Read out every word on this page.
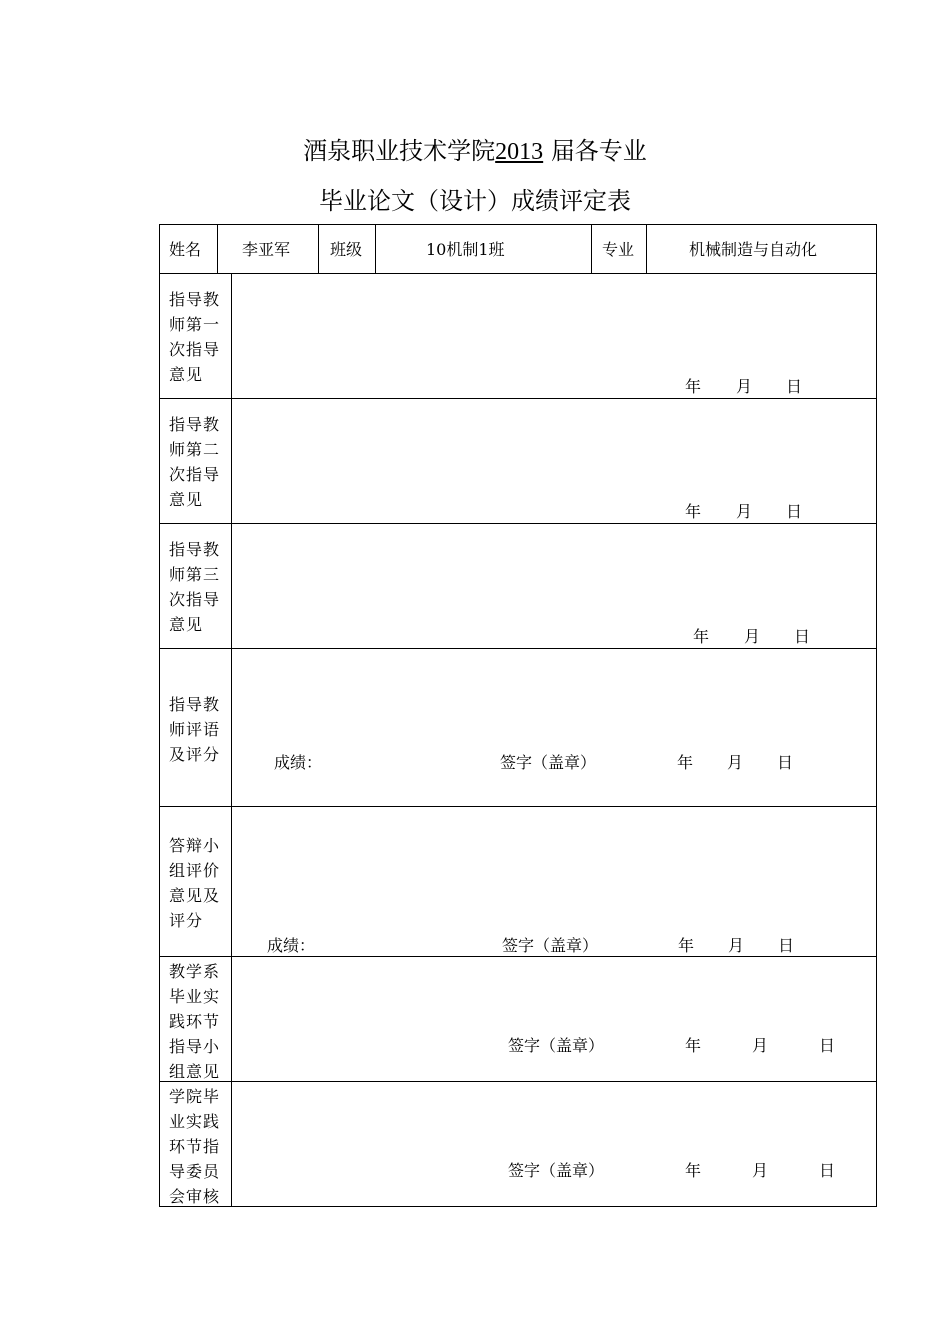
酒泉职业技术学院2013 届各专业
毕业论文（设计）成绩评定表
姓名	李亚军 班级	10机制1班	专业	机械制造与自动化
指导教
师第一
次指导
意见
年 月 日
指导教
师第二
次指导
意见
年 月 日
指导教
师第三
次指导
意见
年 月 日
指导教
师评语
及评分	成绩：	签字（盖章）	年 月 日
答辩小
组评价
意见及
评分
成绩：	签字（盖章）	年 月 日
教学系
毕业实
践环节
指导小
组意见
签字（盖章）	年	月	日
学院毕
业实践
环节指
导委员
会审核
签字（盖章）	年	月	日
